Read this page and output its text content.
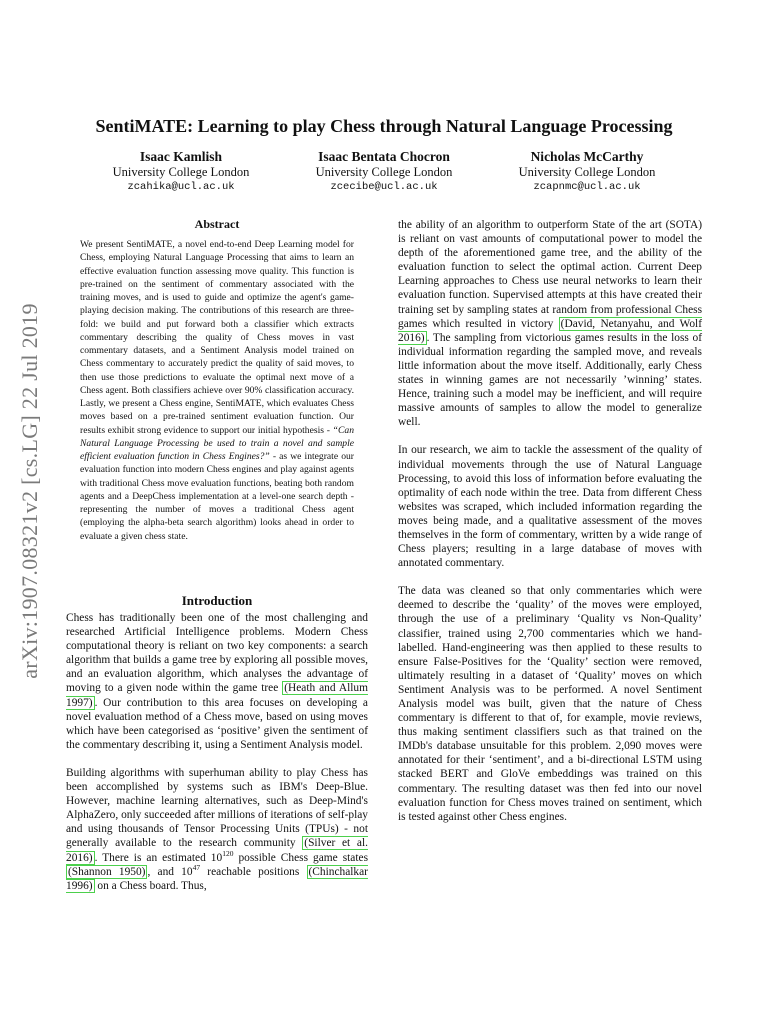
arXiv:1907.08321v2 [cs.LG] 22 Jul 2019
SentiMATE: Learning to play Chess through Natural Language Processing
Isaac Kamlish
University College London
zcahika@ucl.ac.uk
Isaac Bentata Chocron
University College London
zcecibe@ucl.ac.uk
Nicholas McCarthy
University College London
zcapnmc@ucl.ac.uk
Abstract
We present SentiMATE, a novel end-to-end Deep Learning model for Chess, employing Natural Language Processing that aims to learn an effective evaluation function assessing move quality. This function is pre-trained on the sentiment of commentary associated with the training moves, and is used to guide and optimize the agent's game-playing decision making. The contributions of this research are three-fold: we build and put forward both a classifier which extracts commentary describing the quality of Chess moves in vast commentary datasets, and a Sentiment Analysis model trained on Chess commentary to accurately predict the quality of said moves, to then use those predictions to evaluate the optimal next move of a Chess agent. Both classifiers achieve over 90% classification accuracy. Lastly, we present a Chess engine, SentiMATE, which evaluates Chess moves based on a pre-trained sentiment evaluation function. Our results exhibit strong evidence to support our initial hypothesis - “Can Natural Language Processing be used to train a novel and sample efficient evaluation function in Chess Engines?” - as we integrate our evaluation function into modern Chess engines and play against agents with traditional Chess move evaluation functions, beating both random agents and a DeepChess implementation at a level-one search depth - representing the number of moves a traditional Chess agent (employing the alpha-beta search algorithm) looks ahead in order to evaluate a given chess state.
Introduction

Chess has traditionally been one of the most challenging and researched Artificial Intelligence problems. Modern Chess computational theory is reliant on two key components: a search algorithm that builds a game tree by exploring all possible moves, and an evaluation algorithm, which analyses the advantage of moving to a given node within the game tree (Heath and Allum 1997) . Our contribution to this area focuses on developing a novel evaluation method of a Chess move, based on using moves which have been categorised as ‘positive’ given the sentiment of the commentary describing it, using a Sentiment Analysis model.

Building algorithms with superhuman ability to play Chess has been accomplished by systems such as IBM's Deep-Blue. However, machine learning alternatives, such as Deep-Mind's AlphaZero, only succeeded after millions of iterations of self-play and using thousands of Tensor Processing Units (TPUs) - not generally available to the research community (Silver et al. 2016) . There is an estimated $10^{120}$ possible Chess game states (Shannon 1950) , and $10^{47}$ reachable positions (Chinchalkar 1996) on a Chess board. Thus,

the ability of an algorithm to outperform State of the art (SOTA) is reliant on vast amounts of computational power to model the depth of the aforementioned game tree, and the ability of the evaluation function to select the optimal action. Current Deep Learning approaches to Chess use neural networks to learn their evaluation function. Supervised attempts at this have created their training set by sampling states at random from professional Chess games which resulted in victory (David, Netanyahu, and Wolf 2016) . The sampling from victorious games results in the loss of individual information regarding the sampled move, and reveals little information about the move itself. Additionally, early Chess states in winning games are not necessarily ’winning’ states. Hence, training such a model may be inefficient, and will require massive amounts of samples to allow the model to generalize well.

In our research, we aim to tackle the assessment of the quality of individual movements through the use of Natural Language Processing, to avoid this loss of information before evaluating the optimality of each node within the tree. Data from different Chess websites was scraped, which included information regarding the moves being made, and a qualitative assessment of the moves themselves in the form of commentary, written by a wide range of Chess players; resulting in a large database of moves with annotated commentary.

The data was cleaned so that only commentaries which were deemed to describe the ‘quality’ of the moves were employed, through the use of a preliminary ‘Quality vs Non-Quality’ classifier, trained using 2,700 commentaries which we hand-labelled. Hand-engineering was then applied to these results to ensure False-Positives for the ‘Quality’ section were removed, ultimately resulting in a dataset of ‘Quality’ moves on which Sentiment Analysis was to be performed. A novel Sentiment Analysis model was built, given that the nature of Chess commentary is different to that of, for example, movie reviews, thus making sentiment classifiers such as that trained on the IMDb's database unsuitable for this problem. 2,090 moves were annotated for their ‘sentiment’, and a bi-directional LSTM using stacked BERT and GloVe embeddings was trained on this commentary. The resulting dataset was then fed into our novel evaluation function for Chess moves trained on sentiment, which is tested against other Chess engines.
